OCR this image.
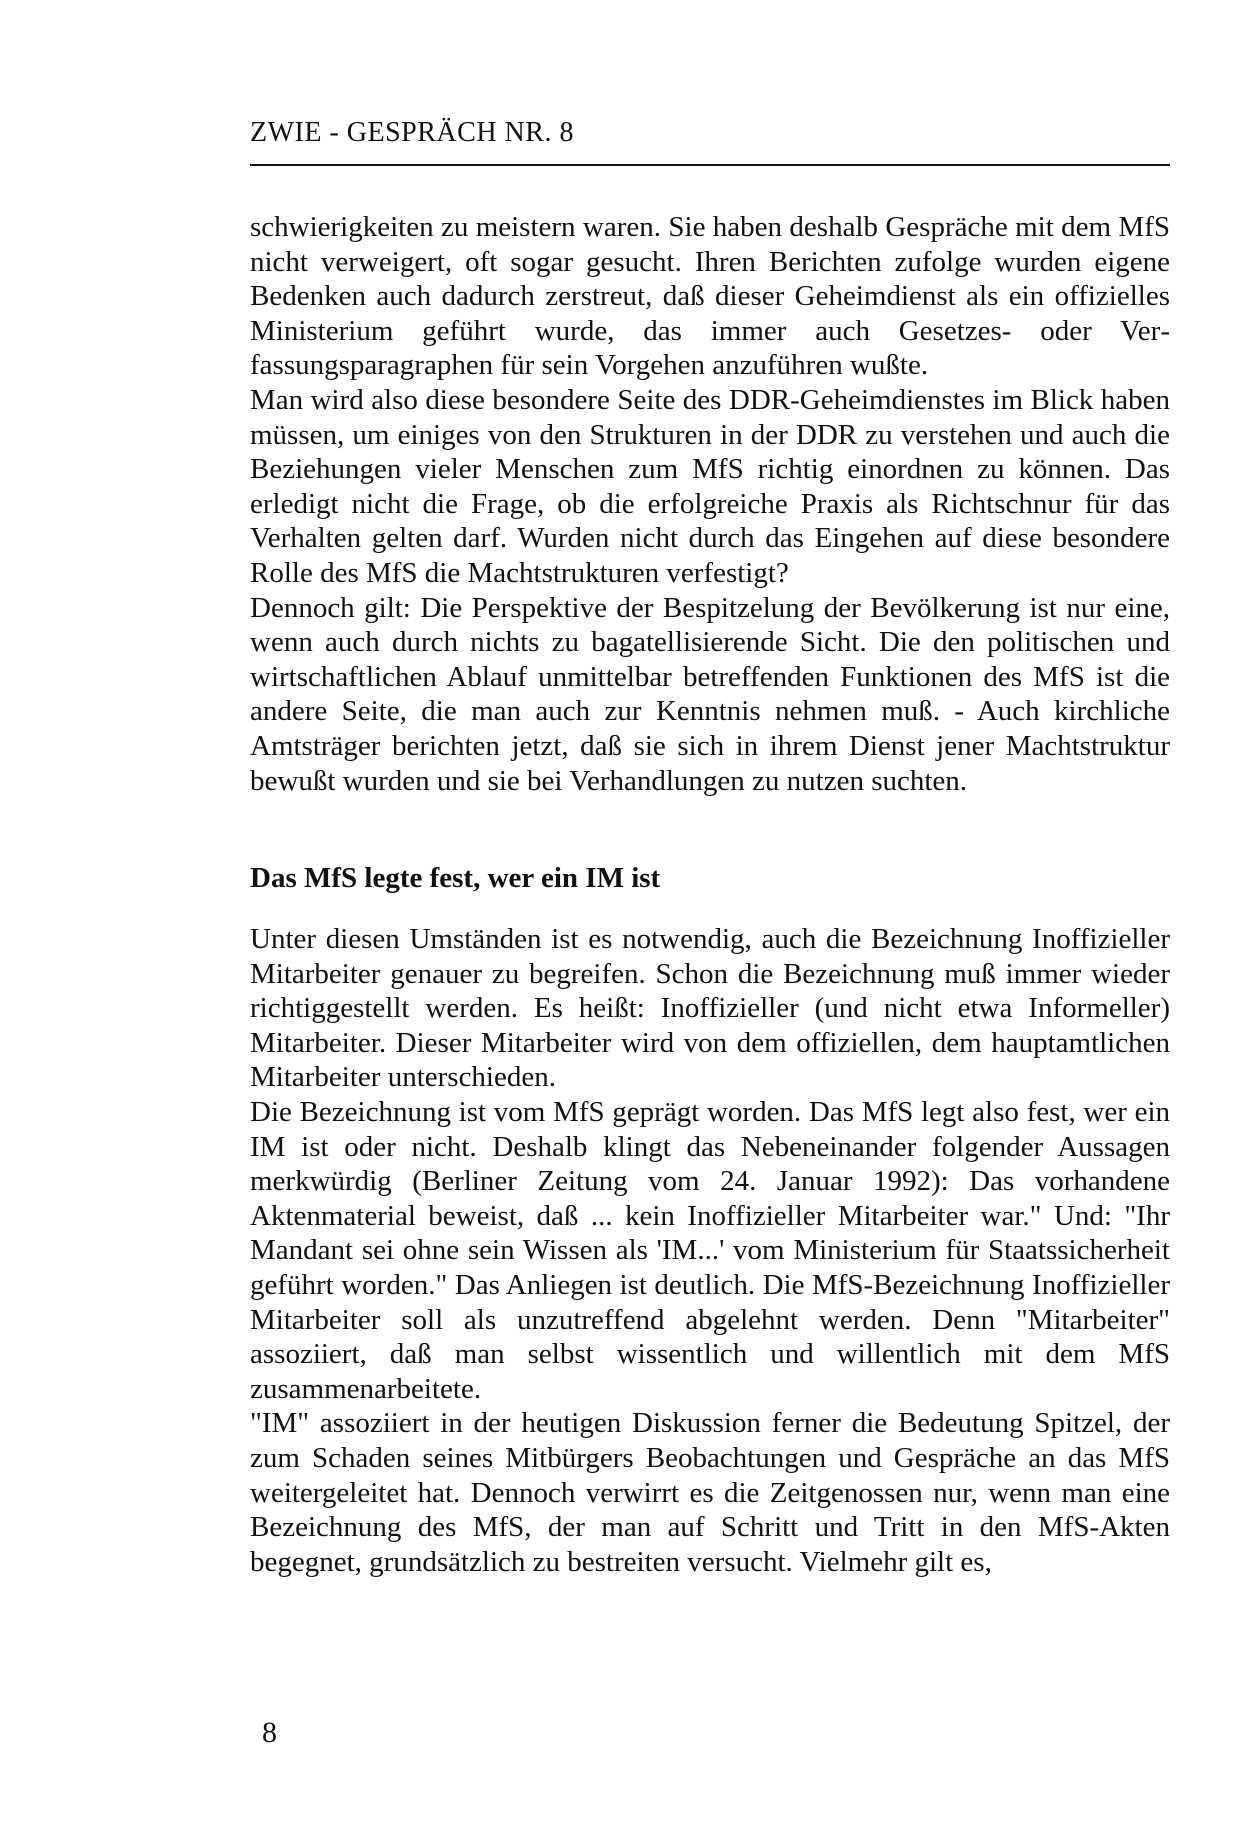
ZWIE - GESPRÄCH NR. 8

schwierigkeiten zu meistern waren. Sie haben deshalb Gespräche mit dem MfS nicht verweigert, oft sogar gesucht. Ihren Berichten zufolge wurden eigene Bedenken auch dadurch zerstreut, daß dieser Geheimdienst als ein offizielles Ministerium geführt wurde, das immer auch Gesetzes- oder Verfassungsparagraphen für sein Vorgehen anzuführen wußte.

Man wird also diese besondere Seite des DDR-Geheimdienstes im Blick haben müssen, um einiges von den Strukturen in der DDR zu verstehen und auch die Beziehungen vieler Menschen zum MfS richtig einordnen zu können. Das erledigt nicht die Frage, ob die erfolgreiche Praxis als Richtschnur für das Verhalten gelten darf. Wurden nicht durch das Eingehen auf diese besondere Rolle des MfS die Machtstrukturen verfestigt?

Dennoch gilt: Die Perspektive der Bespitzelung der Bevölkerung ist nur eine, wenn auch durch nichts zu bagatellisierende Sicht. Die den politischen und wirtschaftlichen Ablauf unmittelbar betreffenden Funktionen des MfS ist die andere Seite, die man auch zur Kenntnis nehmen muß. - Auch kirchliche Amtsträger berichten jetzt, daß sie sich in ihrem Dienst jener Machtstruktur bewußt wurden und sie bei Verhandlungen zu nutzen suchten.

Das MfS legte fest, wer ein IM ist

Unter diesen Umständen ist es notwendig, auch die Bezeichnung Inoffizieller Mitarbeiter genauer zu begreifen. Schon die Bezeichnung muß immer wieder richtiggestellt werden. Es heißt: Inoffizieller (und nicht etwa Informeller) Mitarbeiter. Dieser Mitarbeiter wird von dem offiziellen, dem hauptamtlichen Mitarbeiter unterschieden.

Die Bezeichnung ist vom MfS geprägt worden. Das MfS legt also fest, wer ein IM ist oder nicht. Deshalb klingt das Nebeneinander folgender Aussagen merkwürdig (Berliner Zeitung vom 24. Januar 1992): Das vorhandene Aktenmaterial beweist, daß ... kein Inoffizieller Mitarbeiter war." Und: "Ihr Mandant sei ohne sein Wissen als 'IM...' vom Ministerium für Staatssicherheit geführt worden." Das Anliegen ist deutlich. Die MfS-Bezeichnung Inoffizieller Mitarbeiter soll als unzutreffend abgelehnt werden. Denn "Mitarbeiter" assoziiert, daß man selbst wissentlich und willentlich mit dem MfS zusammenarbeitete.

"IM" assoziiert in der heutigen Diskussion ferner die Bedeutung Spitzel, der zum Schaden seines Mitbürgers Beobachtungen und Gespräche an das MfS weitergeleitet hat. Dennoch verwirrt es die Zeitgenossen nur, wenn man eine Bezeichnung des MfS, der man auf Schritt und Tritt in den MfS-Akten begegnet, grundsätzlich zu bestreiten versucht. Vielmehr gilt es,

8
